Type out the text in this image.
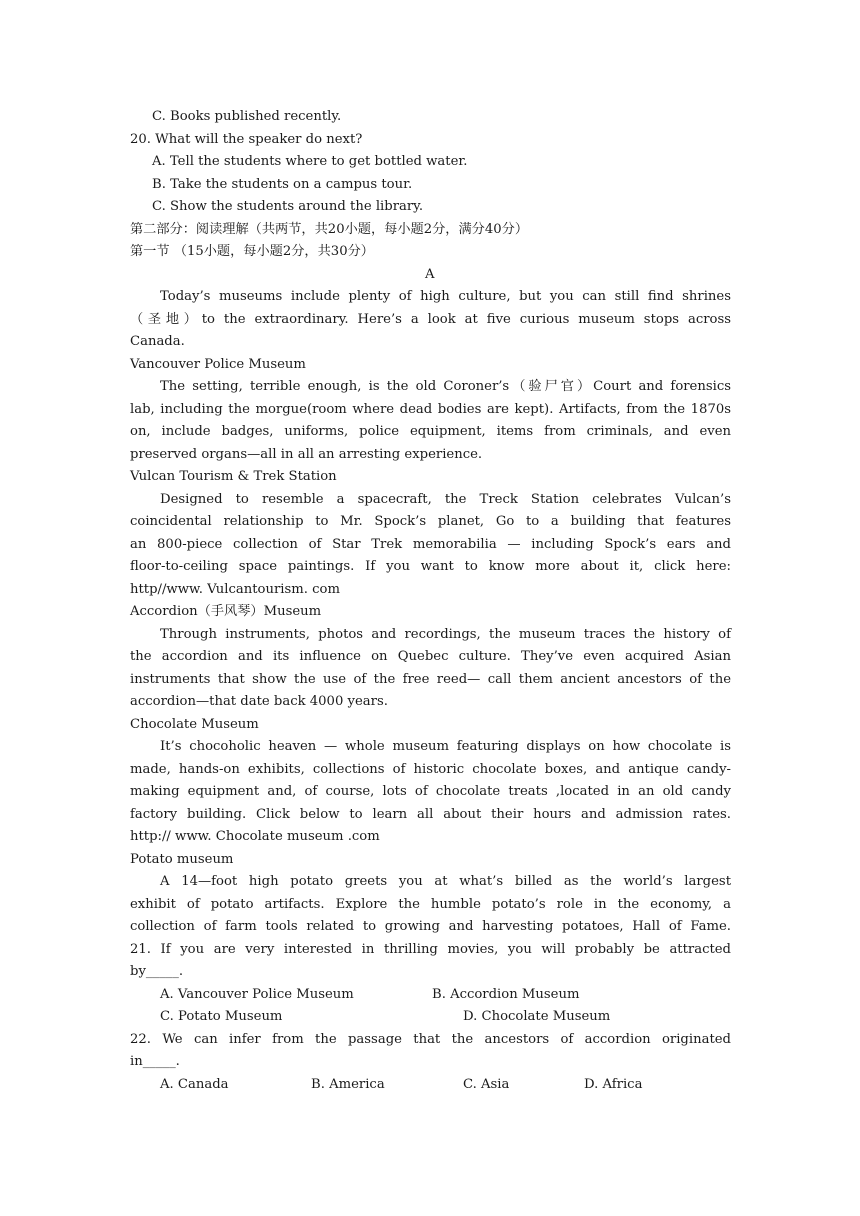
C. Books published recently.
20. What will the speaker do next?
A. Tell the students where to get bottled water.
B. Take the students on a campus tour.
C. Show the students around the library.
第二部分：阅读理解（共两节，共20小题，每小题2分，满分40分）
第一节 （15小题，每小题2分，共30分）
A
Today’s museums include plenty of high culture, but you can still find shrines
（圣地）to the extraordinary. Here’s a look at five curious museum stops across
Canada.
Vancouver Police Museum
The setting, terrible enough, is the old Coroner’s（验尸官）Court and forensics
lab, including the morgue(room where dead bodies are kept). Artifacts, from the 1870s
on, include badges, uniforms, police equipment, items from criminals, and even
preserved organs—all in all an arresting experience.
Vulcan Tourism & Trek Station
Designed to resemble a spacecraft, the Treck Station celebrates Vulcan’s
coincidental relationship to Mr. Spock’s planet, Go to a building that features
an 800-piece collection of Star Trek memorabilia — including Spock’s ears and
floor-to-ceiling space paintings. If you want to know more about it, click here:
http//www. Vulcantourism. com
Accordion（手风琴）Museum
Through instruments, photos and recordings, the museum traces the history of
the accordion and its influence on Quebec culture. They’ve even acquired Asian
instruments that show the use of the free reed— call them ancient ancestors of the
accordion—that date back 4000 years.
Chocolate Museum
It’s chocoholic heaven — whole museum featuring displays on how chocolate is
made, hands-on exhibits, collections of historic chocolate boxes, and antique candy-
making equipment and, of course, lots of chocolate treats ,located in an old candy
factory building. Click below to learn all about their hours and admission rates.
http:// www. Chocolate museum .com
Potato museum
A 14—foot high potato greets you at what’s billed as the world’s largest
exhibit of potato artifacts. Explore the humble potato’s role in the economy, a
collection of farm tools related to growing and harvesting potatoes, Hall of Fame.
21. If you are very interested in thrilling movies, you will probably be attracted
by_____.
A. Vancouver Police Museum	B. Accordion Museum
C. Potato Museum	D. Chocolate Museum
22. We can infer from the passage that the ancestors of accordion originated
in_____.
A. Canada	B. America	C. Asia	D. Africa
